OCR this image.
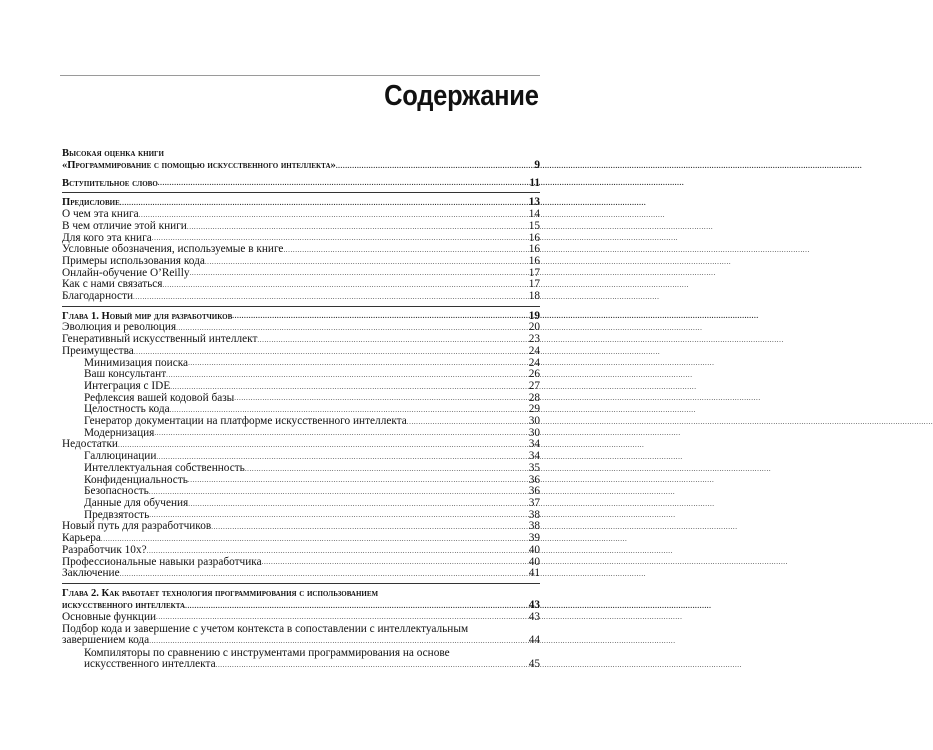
Содержание
Высокая оценка книги
«Программирование с помощью искусственного интеллекта» .....	9
Вступительное слово .....	11
Предисловие .....	13
О чем эта книга .....	14
В чем отличие этой книги .....	15
Для кого эта книга .....	16
Условные обозначения, используемые в книге .....	16
Примеры использования кода .....	16
Онлайн-обучение O’Reilly .....	17
Как с нами связаться .....	17
Благодарности .....	18
Глава 1. Новый мир для разработчиков .....	19
Эволюция и революция .....	20
Генеративный искусственный интеллект .....	23
Преимущества .....	24
Минимизация поиска .....	24
Ваш консультант .....	26
Интеграция с IDE .....	27
Рефлексия вашей кодовой базы .....	28
Целостность кода .....	29
Генератор документации на платформе искусственного интеллекта .....	30
Модернизация .....	30
Недостатки .....	34
Галлюцинации .....	34
Интеллектуальная собственность .....	35
Конфиденциальность .....	36
Безопасность .....	36
Данные для обучения .....	37
Предвзятость .....	38
Новый путь для разработчиков .....	38
Карьера .....	39
Разработчик 10x? .....	40
Профессиональные навыки разработчика .....	40
Заключение .....	41
Глава 2. Как работает технология программирования с использованием
искусственного интеллекта .....	43
Основные функции .....	43
Подбор кода и завершение с учетом контекста в сопоставлении с интеллектуальным
завершением кода .....	44
Компиляторы по сравнению с инструментами программирования на основе
искусственного интеллекта .....	45
